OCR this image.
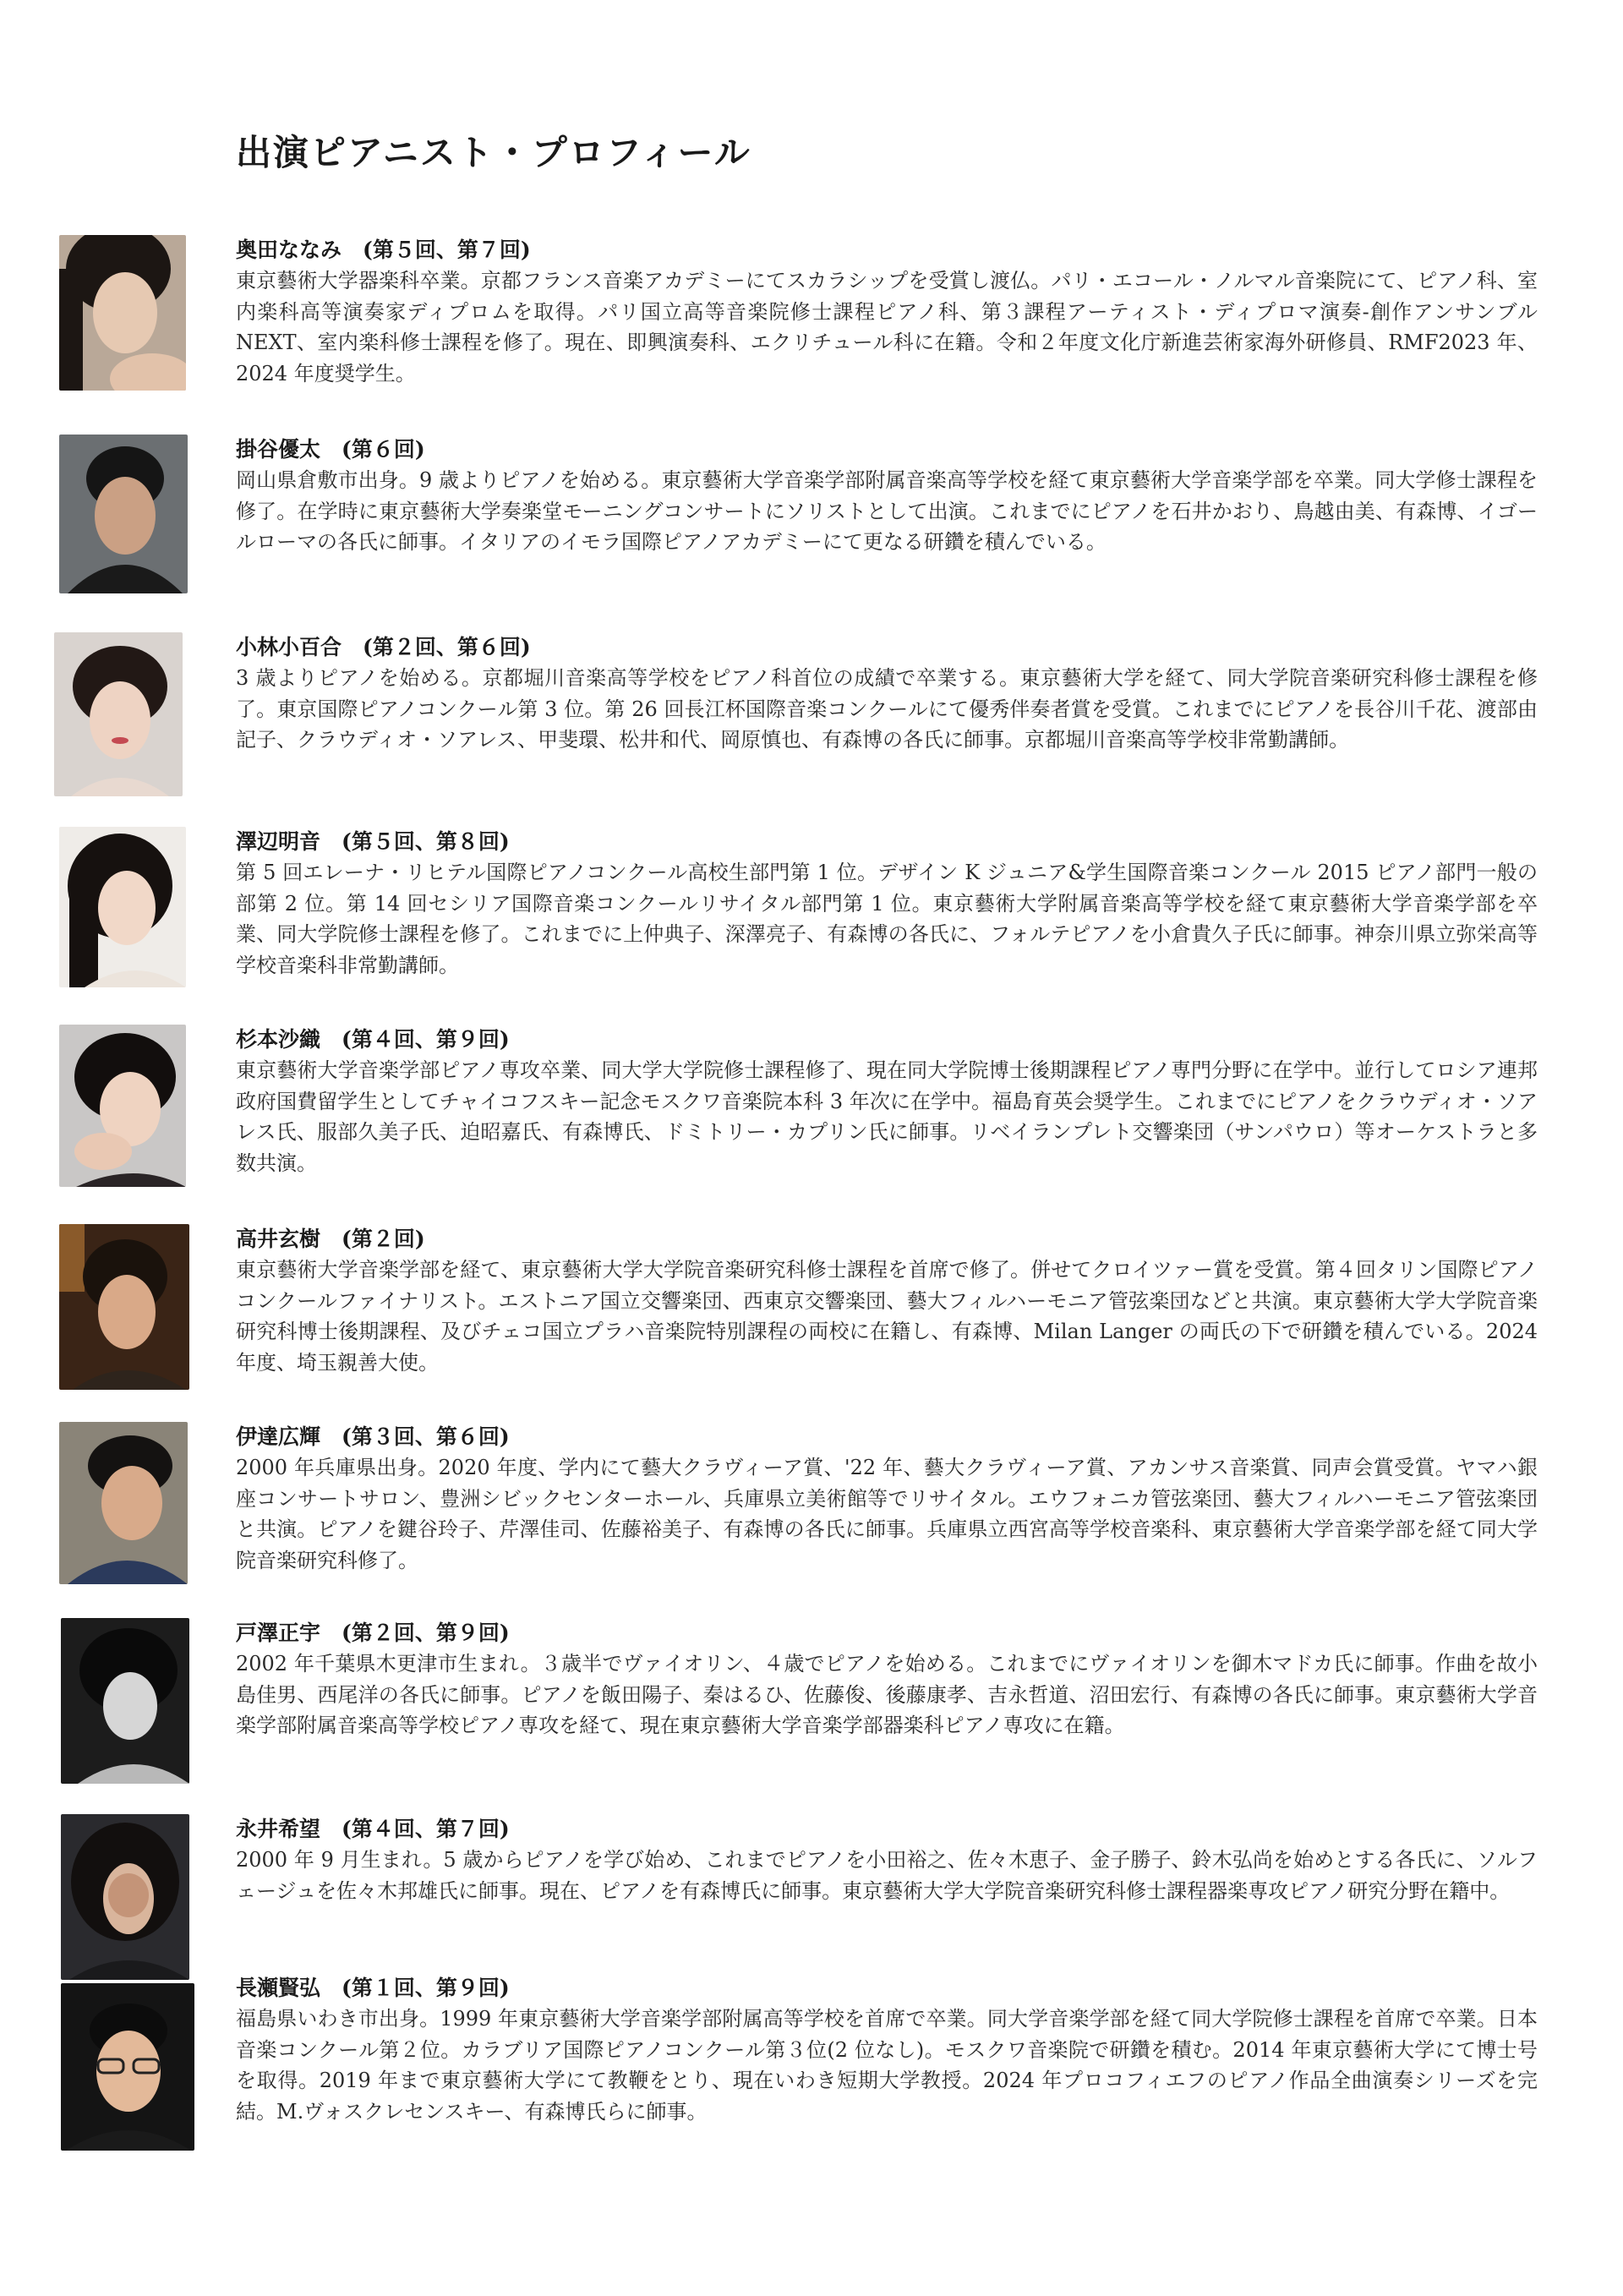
出演ピアニスト・プロフィール

奥田ななみ　(第５回、第７回)

東京藝術大学器楽科卒業。京都フランス音楽アカデミーにてスカラシップを受賞し渡仏。パリ・エコール・ノルマル音楽院にて、ピアノ科、室内楽科高等演奏家ディプロムを取得。パリ国立高等音楽院修士課程ピアノ科、第３課程アーティスト・ディプロマ演奏-創作アンサンブル NEXT、室内楽科修士課程を修了。現在、即興演奏科、エクリチュール科に在籍。令和２年度文化庁新進芸術家海外研修員、RMF2023 年、2024 年度奨学生。

掛谷優太　(第６回)

岡山県倉敷市出身。9 歳よりピアノを始める。東京藝術大学音楽学部附属音楽高等学校を経て東京藝術大学音楽学部を卒業。同大学修士課程を修了。在学時に東京藝術大学奏楽堂モーニングコンサートにソリストとして出演。これまでにピアノを石井かおり、鳥越由美、有森博、イゴールローマの各氏に師事。イタリアのイモラ国際ピアノアカデミーにて更なる研鑽を積んでいる。

小林小百合　(第２回、第６回)

3 歳よりピアノを始める。京都堀川音楽高等学校をピアノ科首位の成績で卒業する。東京藝術大学を経て、同大学院音楽研究科修士課程を修了。東京国際ピアノコンクール第 3 位。第 26 回長江杯国際音楽コンクールにて優秀伴奏者賞を受賞。これまでにピアノを長谷川千花、渡部由記子、クラウディオ・ソアレス、甲斐環、松井和代、岡原慎也、有森博の各氏に師事。京都堀川音楽高等学校非常勤講師。

澤辺明音　(第５回、第８回)

第 5 回エレーナ・リヒテル国際ピアノコンクール高校生部門第 1 位。デザイン K ジュニア&学生国際音楽コンクール 2015 ピアノ部門一般の部第 2 位。第 14 回セシリア国際音楽コンクールリサイタル部門第 1 位。東京藝術大学附属音楽高等学校を経て東京藝術大学音楽学部を卒業、同大学院修士課程を修了。これまでに上仲典子、深澤亮子、有森博の各氏に、フォルテピアノを小倉貴久子氏に師事。神奈川県立弥栄高等学校音楽科非常勤講師。

杉本沙織　(第４回、第９回)

東京藝術大学音楽学部ピアノ専攻卒業、同大学大学院修士課程修了、現在同大学院博士後期課程ピアノ専門分野に在学中。並行してロシア連邦政府国費留学生としてチャイコフスキー記念モスクワ音楽院本科 3 年次に在学中。福島育英会奨学生。これまでにピアノをクラウディオ・ソアレス氏、服部久美子氏、迫昭嘉氏、有森博氏、ドミトリー・カプリン氏に師事。リベイランプレト交響楽団（サンパウロ）等オーケストラと多数共演。

高井玄樹　(第２回)

東京藝術大学音楽学部を経て、東京藝術大学大学院音楽研究科修士課程を首席で修了。併せてクロイツァー賞を受賞。第４回タリン国際ピアノコンクールファイナリスト。エストニア国立交響楽団、西東京交響楽団、藝大フィルハーモニア管弦楽団などと共演。東京藝術大学大学院音楽研究科博士後期課程、及びチェコ国立プラハ音楽院特別課程の両校に在籍し、有森博、Milan Langer の両氏の下で研鑽を積んでいる。2024 年度、埼玉親善大使。

伊達広輝　(第３回、第６回)

2000 年兵庫県出身。2020 年度、学内にて藝大クラヴィーア賞、'22 年、藝大クラヴィーア賞、アカンサス音楽賞、同声会賞受賞。ヤマハ銀座コンサートサロン、豊洲シビックセンターホール、兵庫県立美術館等でリサイタル。エウフォニカ管弦楽団、藝大フィルハーモニア管弦楽団と共演。ピアノを鍵谷玲子、芹澤佳司、佐藤裕美子、有森博の各氏に師事。兵庫県立西宮高等学校音楽科、東京藝術大学音楽学部を経て同大学院音楽研究科修了。

戸澤正宇　(第２回、第９回)

2002 年千葉県木更津市生まれ。３歳半でヴァイオリン、４歳でピアノを始める。これまでにヴァイオリンを御木マドカ氏に師事。作曲を故小島佳男、西尾洋の各氏に師事。ピアノを飯田陽子、秦はるひ、佐藤俊、後藤康孝、吉永哲道、沼田宏行、有森博の各氏に師事。東京藝術大学音楽学部附属音楽高等学校ピアノ専攻を経て、現在東京藝術大学音楽学部器楽科ピアノ専攻に在籍。

永井希望　(第４回、第７回)

2000 年 9 月生まれ。5 歳からピアノを学び始め、これまでピアノを小田裕之、佐々木恵子、金子勝子、鈴木弘尚を始めとする各氏に、ソルフェージュを佐々木邦雄氏に師事。現在、ピアノを有森博氏に師事。東京藝術大学大学院音楽研究科修士課程器楽専攻ピアノ研究分野在籍中。

長瀬賢弘　(第１回、第９回)

福島県いわき市出身。1999 年東京藝術大学音楽学部附属高等学校を首席で卒業。同大学音楽学部を経て同大学院修士課程を首席で卒業。日本音楽コンクール第２位。カラブリア国際ピアノコンクール第３位(2 位なし)。モスクワ音楽院で研鑽を積む。2014 年東京藝術大学にて博士号を取得。2019 年まで東京藝術大学にて教鞭をとり、現在いわき短期大学教授。2024 年プロコフィエフのピアノ作品全曲演奏シリーズを完結。M.ヴォスクレセンスキー、有森博氏らに師事。
